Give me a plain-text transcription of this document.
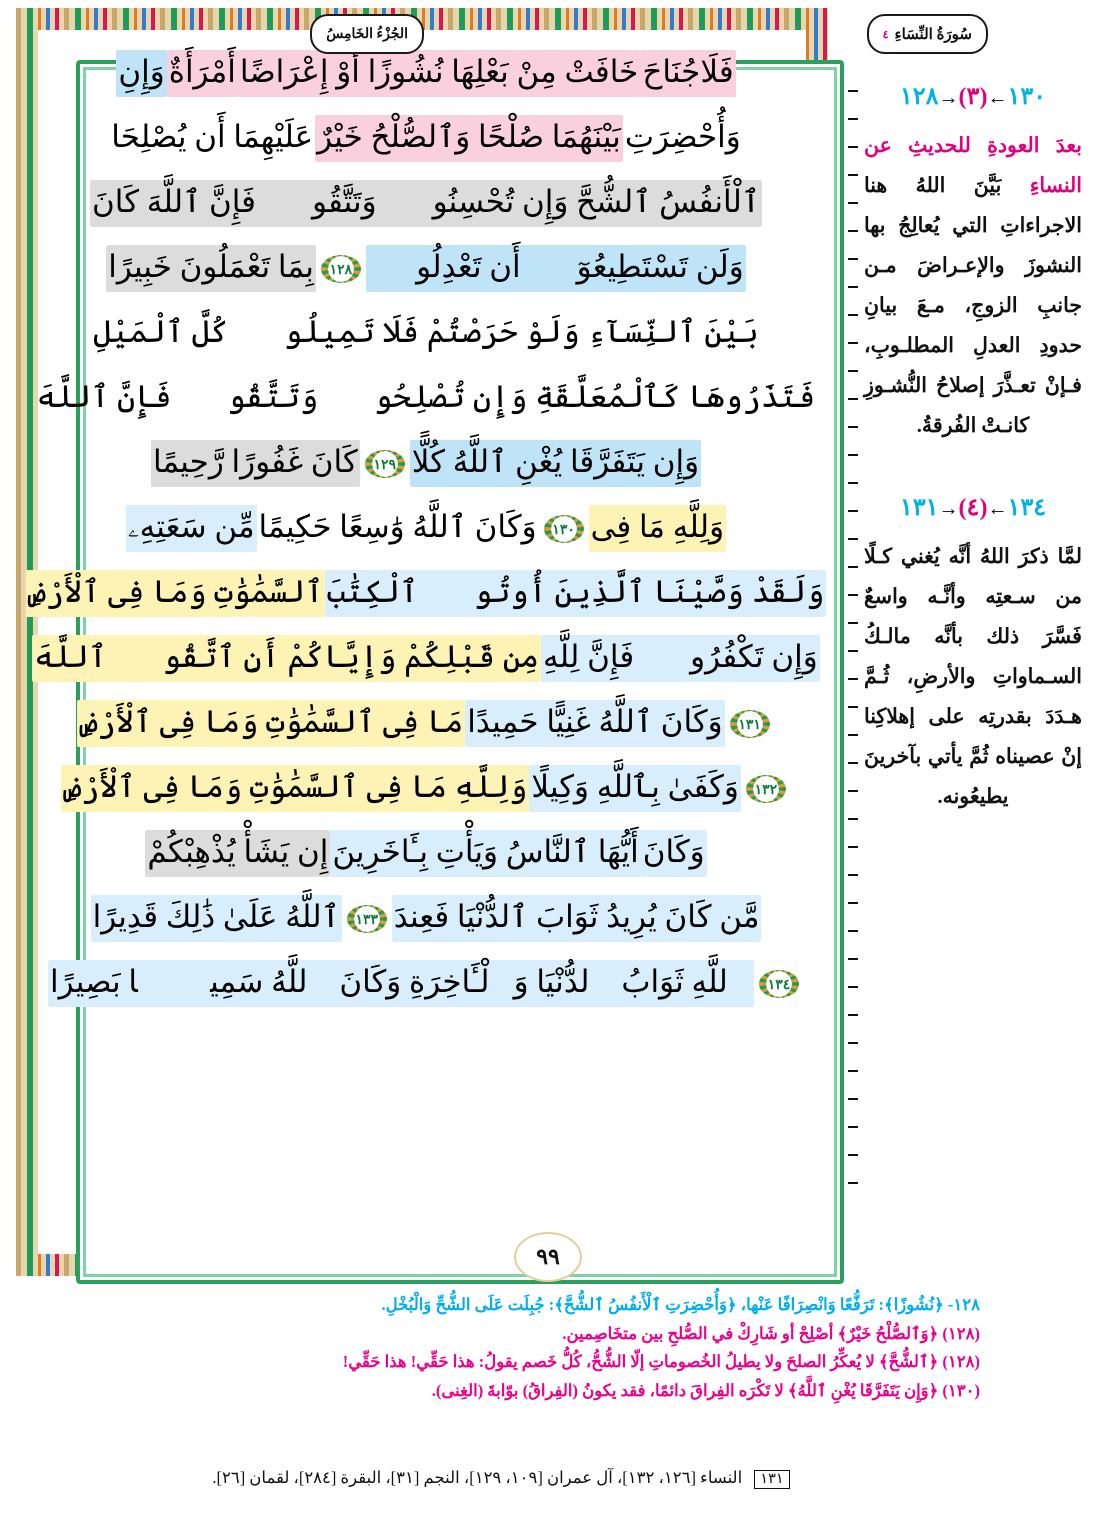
سُورَةُ النِّسَاءِ
٤
الجُزْءُ الخَامِسُ
فَلَاجُنَاحَ
خَافَتْ مِنْ بَعْلِهَا نُشُوزًا أَوْ إِعْرَاضًا
أَمْرَأَةٌ
وَإِنِ
وَأُحْضِرَتِ
بَيْنَهُمَا صُلْحًا وَٱلصُّلْحُ خَيْرٌ
عَلَيْهِمَا أَن يُصْلِحَا
ٱلْأَنفُسُ ٱلشُّحَّ وَإِن تُحْسِنُوا۟ وَتَتَّقُوا۟ فَإِنَّ ٱللَّهَ كَانَ
وَلَن تَسْتَطِيعُوٓا۟ أَن تَعْدِلُوا۟
١٢٨
بِمَا تَعْمَلُونَ خَبِيرًا
بَيْنَ ٱلنِّسَآءِ وَلَوْ حَرَصْتُمْ فَلَا تَمِيلُوا۟ كُلَّ ٱلْمَيْلِ
فَتَذَرُوهَا كَٱلْمُعَلَّقَةِ وَإِن تُصْلِحُوا۟ وَتَتَّقُوا۟ فَإِنَّ ٱللَّهَ
وَإِن يَتَفَرَّقَا يُغْنِ ٱللَّهُ كُلًّا
١٢٩
كَانَ غَفُورًا رَّحِيمًا
وَلِلَّهِ مَا فِى
١٣٠
وَكَانَ ٱللَّهُ وَٰسِعًا حَكِيمًا
مِّن سَعَتِهِۦ
وَلَقَدْ وَصَّيْنَا ٱلَّذِينَ أُوتُوا۟ ٱلْكِتَٰبَ
ٱلسَّمَٰوَٰتِ وَمَا فِى ٱلْأَرْضِ
وَإِن تَكْفُرُوا۟ فَإِنَّ لِلَّهِ
مِن قَبْلِكُمْ وَإِيَّاكُمْ أَنِ ٱتَّقُوا۟ ٱللَّهَ
١٣١
وَكَانَ ٱللَّهُ غَنِيًّا حَمِيدًا
مَا فِى ٱلسَّمَٰوَٰتِ وَمَا فِى ٱلْأَرْضِ
١٣٢
وَكَفَىٰ بِٱللَّهِ وَكِيلًا
وَلِلَّهِ مَا فِى ٱلسَّمَٰوَٰتِ وَمَا فِى ٱلْأَرْضِ
وَكَانَ
أَيُّهَا ٱلنَّاسُ وَيَأْتِ بِـَٔاخَرِينَ
إِن يَشَأْ يُذْهِبْكُمْ
مَّن كَانَ يُرِيدُ ثَوَابَ ٱلدُّنْيَا فَعِندَ
١٣٣
ٱللَّهُ عَلَىٰ ذَٰلِكَ قَدِيرًا
١٣٤
ٱللَّهِ ثَوَابُ ٱلدُّنْيَا وَٱلْـَٔاخِرَةِ وَكَانَ ٱللَّهُ سَمِيعًۢا بَصِيرًا
٩٩
١٣٠←(٣)→١٢٨
بعدَ العودةِ للحديثِ عن النساءِ بَيَّنَ اللهُ هنا الاجراءاتِ التي يُعالِجُ بها النشوزَ والإعـراضَ مـن جانبِ الزوجِ، مـعَ بيانِ حدودِ العدلِ المطلـوبِ، فـإنْ تعـذَّرَ إصلاحُ النُّشـوزِ كانـتْ الفُرقةُ.
١٣٤←(٤)→١٣١
لمَّا ذكرَ اللهُ أنَّه يُغني كـلًا من سـعتِه وأنَّـه واسعٌ فَسَّرَ ذلك بأنَّه مالـكُ السـماواتِ والأرضِ، ثُـمَّ هـدَدَ بقدرتِه على إهلاكِنا إنْ عصيناه ثُمَّ يأتي بآخرينَ يطيعُونه.
١٢٨- ﴿نُشُوزًا﴾: تَرَفُّعًا وَانْصِرَافًا عَنْها، ﴿وَأُحْضِرَتِ ٱلْأَنفُسُ ٱلشُّحَّ﴾: جُبِلَت عَلَى الشُّحِّ وَالْبُخْلِ.
(١٢٨) ﴿وَٱلصُّلْحُ خَيْرٌ﴾ أصْلِحْ أو شَارِكْ في الصُّلحِ بين متخَاصِمين.
(١٢٨) ﴿ٱلشُّحَّ﴾ لا يُعكِّرُ الصلحَ ولا يطيلُ الخُصوماتِ إلّا الشُّحُّ، كُلُّ خَصم يقولُ: هذا حَقِّي! هذا حَقِّي!
(١٣٠) ﴿وَإِن يَتَفَرَّقَا يُغْنِ ٱللَّهُ﴾ لا تَكْرَه الفِراقَ دائمًا، فقد يكونُ (الفِراقُ) بوّابةَ (الغِنى).
١٣١ النساء [١٢٦، ١٣٢]، آل عمران [١٠٩، ١٢٩]، النجم [٣١]، البقرة [٢٨٤]، لقمان [٢٦].
